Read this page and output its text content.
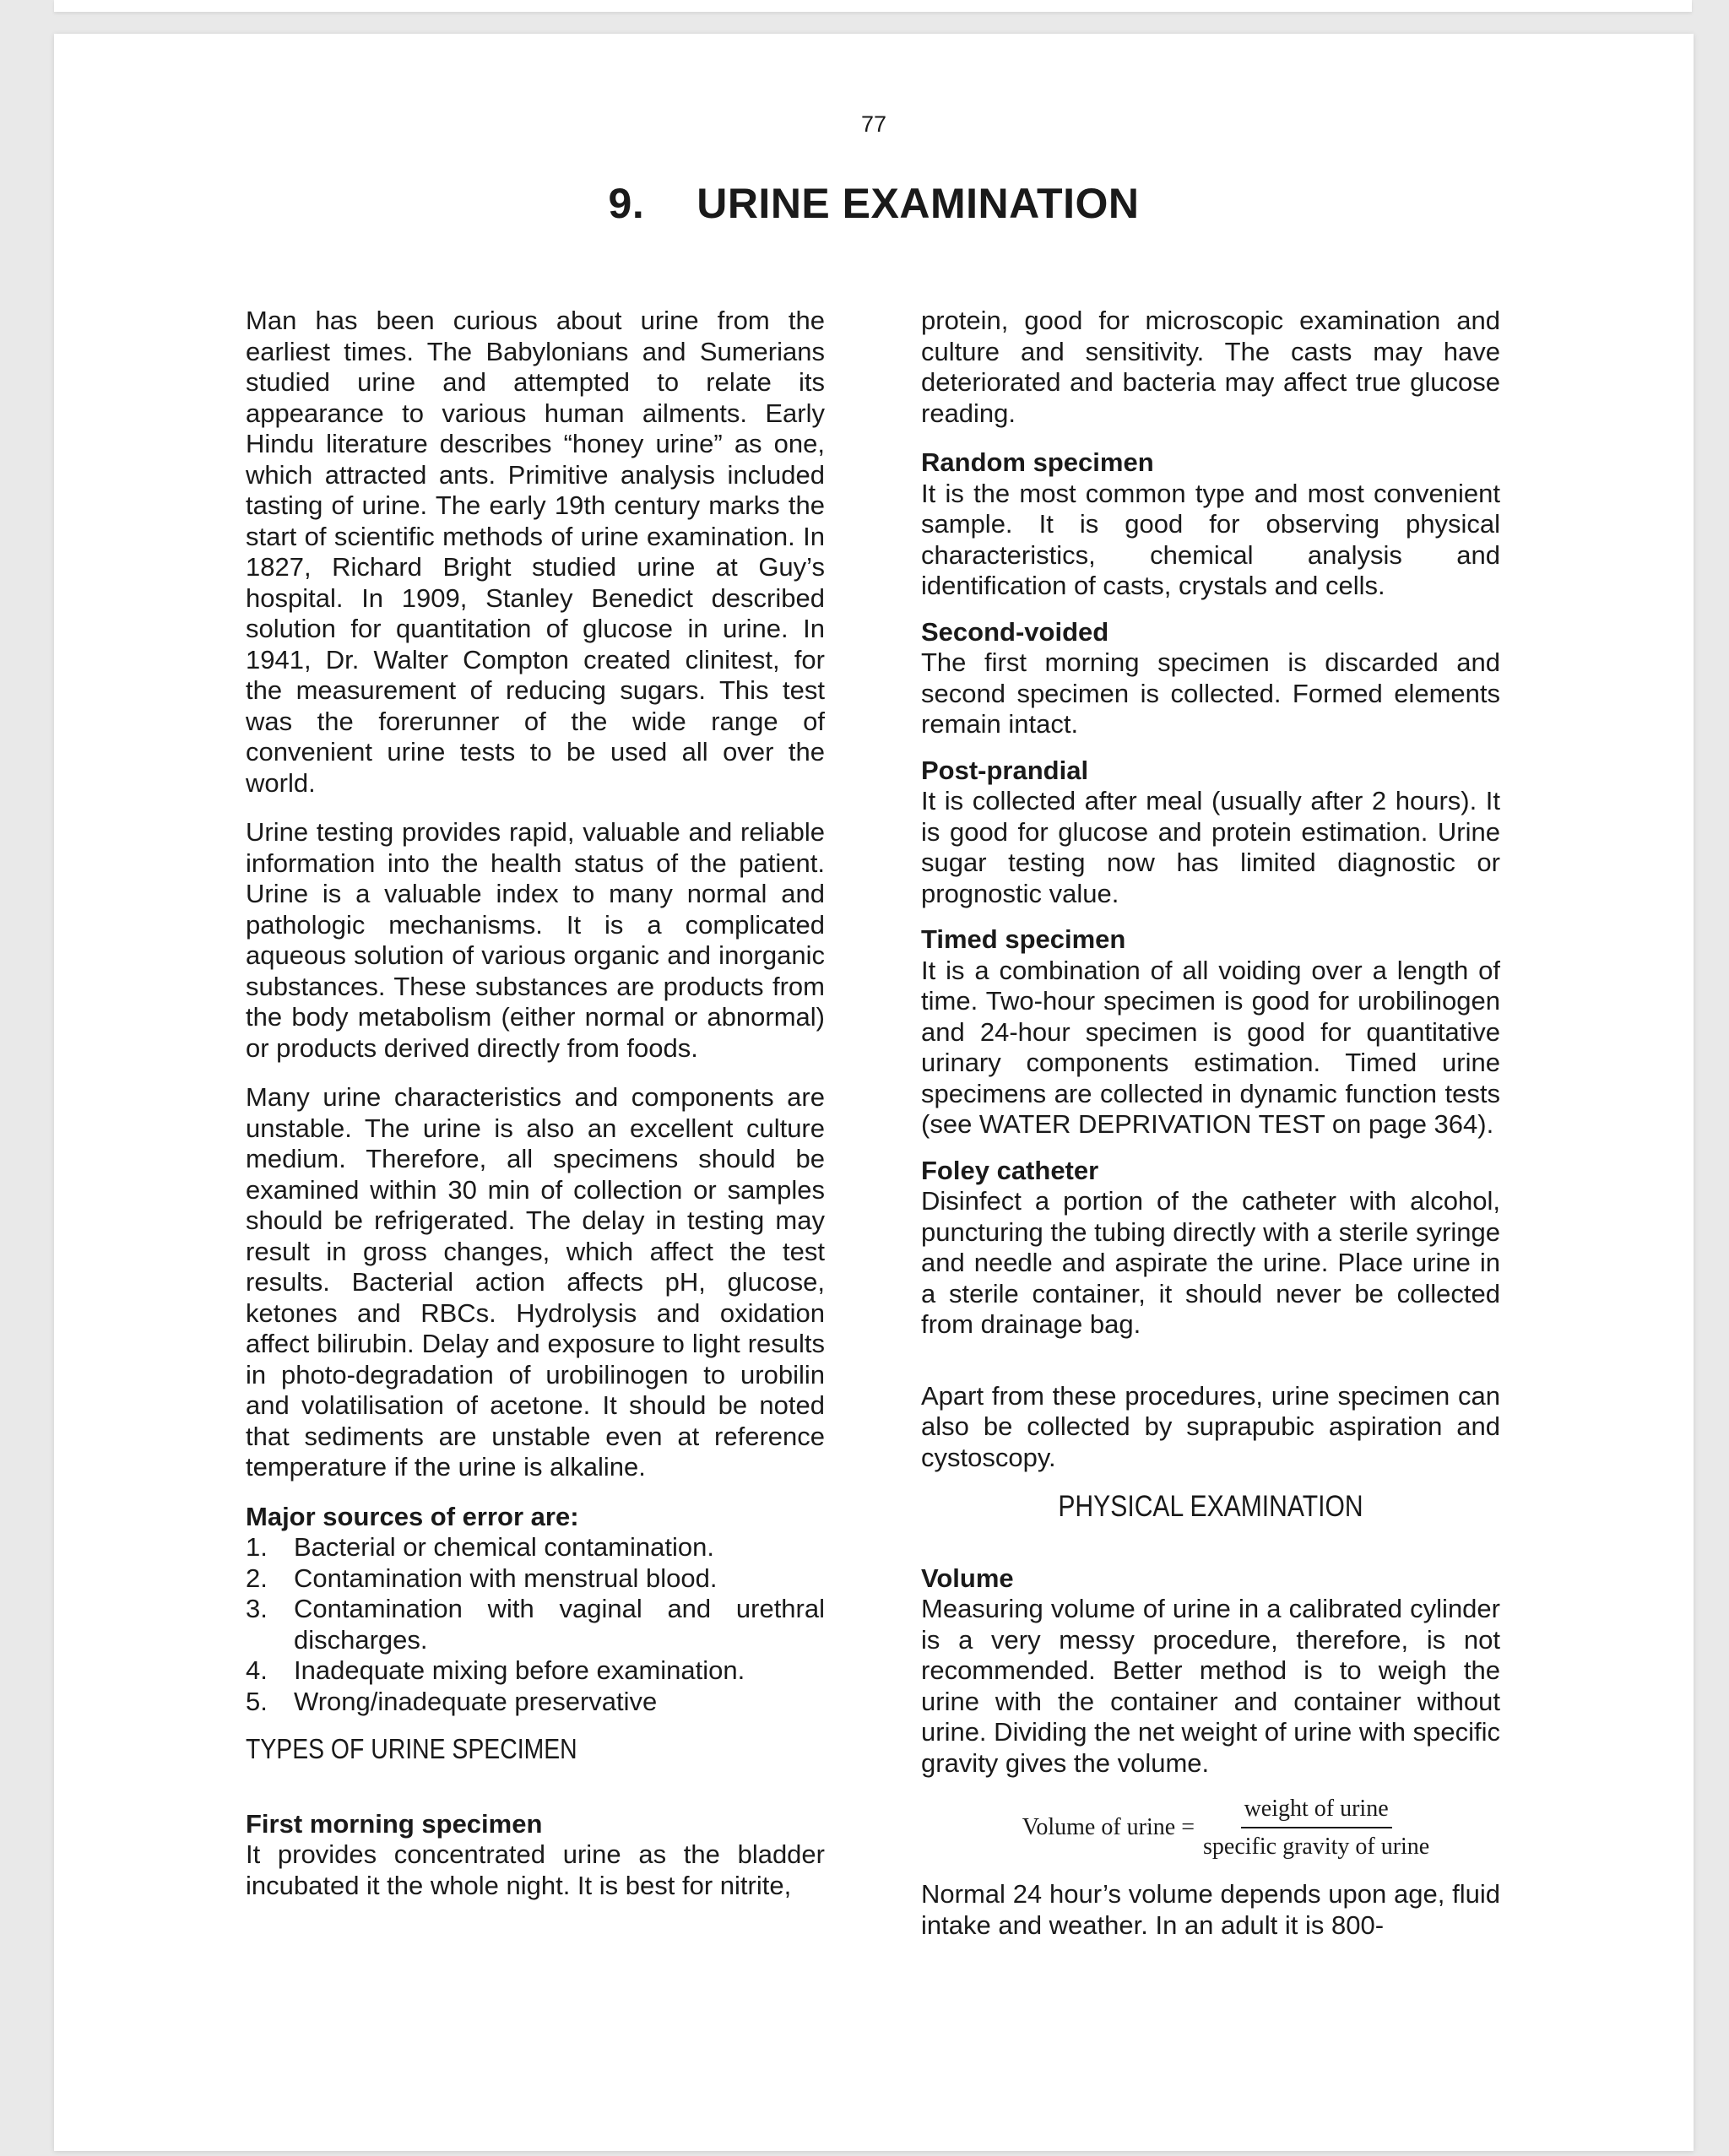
77
9. URINE EXAMINATION

Man has been curious about urine from the earliest times. The Babylonians and Sumerians studied urine and attempted to relate its appearance to various human ailments. Early Hindu literature describes “honey urine” as one, which attracted ants. Primitive analysis included tasting of urine. The early 19th century marks the start of scientific methods of urine examination. In 1827, Richard Bright studied urine at Guy’s hospital. In 1909, Stanley Benedict described solution for quantitation of glucose in urine. In 1941, Dr. Walter Compton created clinitest, for the measurement of reducing sugars. This test was the forerunner of the wide range of convenient urine tests to be used all over the world.

Urine testing provides rapid, valuable and reliable information into the health status of the patient. Urine is a valuable index to many normal and pathologic mechanisms. It is a complicated aqueous solution of various organic and inorganic substances. These substances are products from the body metabolism (either normal or abnormal) or products derived directly from foods.

Many urine characteristics and components are unstable. The urine is also an excellent culture medium. Therefore, all specimens should be examined within 30 min of collection or samples should be refrigerated. The delay in testing may result in gross changes, which affect the test results. Bacterial action affects pH, glucose, ketones and RBCs. Hydrolysis and oxidation affect bilirubin. Delay and exposure to light results in photo-degradation of urobilinogen to urobilin and volatilisation of acetone. It should be noted that sediments are unstable even at reference temperature if the urine is alkaline.

Major sources of error are:
1.	Bacterial or chemical contamination.
2.	Contamination with menstrual blood.
3.	Contamination with vaginal and urethral discharges.
4.	Inadequate mixing before examination.
5.	Wrong/inadequate preservative
TYPES OF URINE SPECIMEN
First morning specimen

It provides concentrated urine as the bladder incubated it the whole night. It is best for nitrite,

protein, good for microscopic examination and culture and sensitivity. The casts may have deteriorated and bacteria may affect true glucose reading.

Random specimen

It is the most common type and most convenient sample. It is good for observing physical characteristics, chemical analysis and identification of casts, crystals and cells.

Second-voided

The first morning specimen is discarded and second specimen is collected. Formed elements remain intact.

Post-prandial

It is collected after meal (usually after 2 hours). It is good for glucose and protein estimation. Urine sugar testing now has limited diagnostic or prognostic value.

Timed specimen

It is a combination of all voiding over a length of time. Two-hour specimen is good for urobilinogen and 24-hour specimen is good for quantitative urinary components estimation. Timed urine specimens are collected in dynamic function tests (see WATER DEPRIVATION TEST on page 364).

Foley catheter

Disinfect a portion of the catheter with alcohol, puncturing the tubing directly with a sterile syringe and needle and aspirate the urine. Place urine in a sterile container, it should never be collected from drainage bag.

Apart from these procedures, urine specimen can also be collected by suprapubic aspiration and cystoscopy.

PHYSICAL EXAMINATION
Volume

Measuring volume of urine in a calibrated cylinder is a very messy procedure, therefore, is not recommended. Better method is to weigh the urine with the container and container without urine. Dividing the net weight of urine with specific gravity gives the volume.

Volume of urine = $\frac{\text{weight of urine}}{\text{specific gravity of urine}}$

Normal 24 hour’s volume depends upon age, fluid intake and weather. In an adult it is 800-
